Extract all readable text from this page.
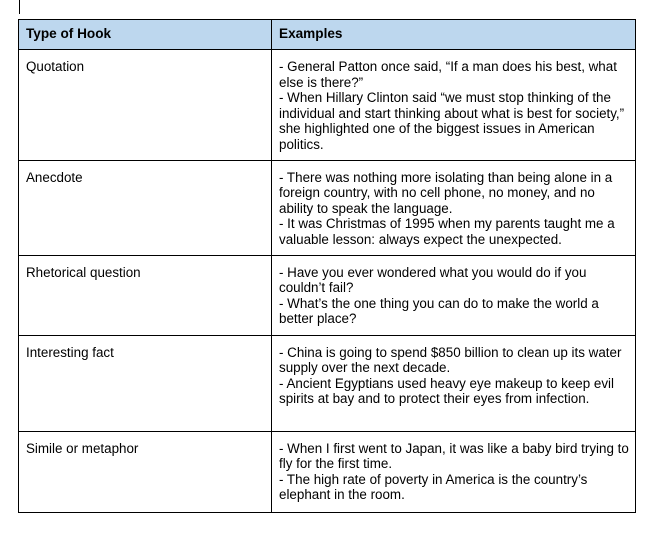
Type of Hook	Examples
Quotation	- General Patton once said, “If a man does his best, what else is there?”
- When Hillary Clinton said “we must stop thinking of the individual and start thinking about what is best for society,” she highlighted one of the biggest issues in American politics.

Anecdote	- There was nothing more isolating than being alone in a foreign country, with no cell phone, no money, and no ability to speak the language.
- It was Christmas of 1995 when my parents taught me a valuable lesson: always expect the unexpected.

Rhetorical question	- Have you ever wondered what you would do if you couldn’t fail?
- What’s the one thing you can do to make the world a better place?

Interesting fact	- China is going to spend $850 billion to clean up its water supply over the next decade.
- Ancient Egyptians used heavy eye makeup to keep evil spirits at bay and to protect their eyes from infection.

Simile or metaphor	- When I first went to Japan, it was like a baby bird trying to fly for the first time.
- The high rate of poverty in America is the country’s elephant in the room.
